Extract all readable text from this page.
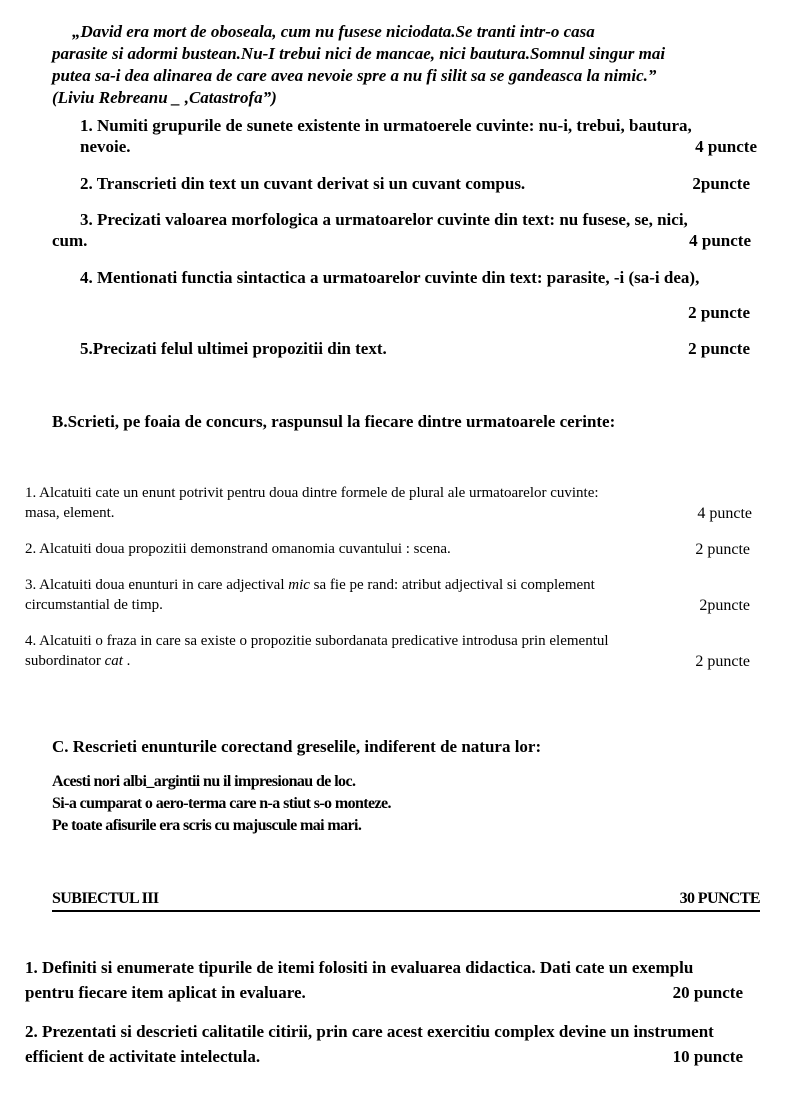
„David era mort de oboseala, cum nu fusese niciodata.Se tranti intr-o casa
parasite si adormi bustean.Nu-I trebui nici de mancae, nici bautura.Somnul singur mai
putea sa-i dea alinarea de care avea nevoie spre a nu fi silit sa se gandeasca la nimic.”
(Liviu Rebreanu _ ,Catastrofa”)
1. Numiti grupurile de sunete existente in urmatoerele cuvinte: nu-i, trebui, bautura,
nevoie.	4 puncte
2. Transcrieti din text un cuvant derivat si un cuvant compus.	2puncte
3. Precizati valoarea morfologica a urmatoarelor cuvinte din text: nu fusese, se, nici,
cum.	4 puncte
4. Mentionati functia sintactica a urmatoarelor cuvinte din text: parasite, -i (sa-i dea),
2 puncte
5.Precizati felul ultimei propozitii din text.	2 puncte
B.Scrieti, pe foaia de concurs, raspunsul la fiecare dintre urmatoarele cerinte:
1. Alcatuiti cate un enunt potrivit pentru doua dintre formele de plural ale urmatoarelor cuvinte:
masa, element.	4 puncte
2. Alcatuiti doua propozitii demonstrand omanomia cuvantului : scena.	2 puncte
3. Alcatuiti doua enunturi in care adjectival mic sa fie pe rand: atribut adjectival si complement
circumstantial de timp.	2puncte
4. Alcatuiti o fraza in care sa existe o propozitie subordanata predicative introdusa prin elementul
subordinator cat .	2 puncte
C. Rescrieti enunturile corectand greselile, indiferent de natura lor:
Acesti nori albi_argintii nu il impresionau de loc.
Si-a cumparat o aero-terma care n-a stiut s-o monteze.
Pe toate afisurile era scris cu majuscule mai mari.
SUBIECTUL III	30 PUNCTE
1. Definiti si enumerate tipurile de itemi folositi in evaluarea didactica. Dati cate un exemplu
pentru fiecare item aplicat in evaluare.	20 puncte
2. Prezentati si descrieti calitatile citirii, prin care acest exercitiu complex devine un instrument
efficient de activitate intelectula.	10 puncte
